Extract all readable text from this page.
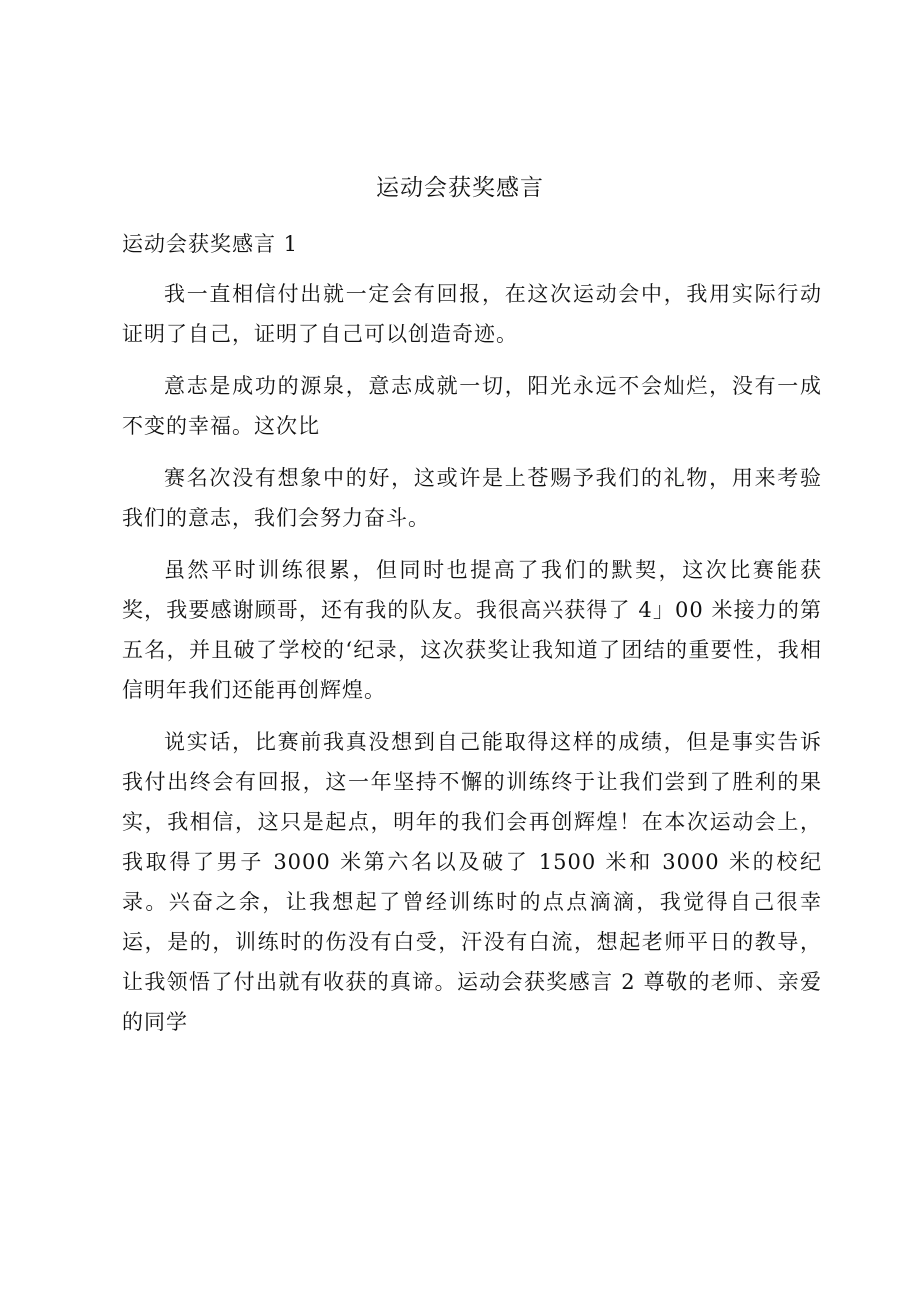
运动会获奖感言

运动会获奖感言 1

我一直相信付出就一定会有回报，在这次运动会中，我用实际行动证明了自己，证明了自己可以创造奇迹。

意志是成功的源泉，意志成就一切，阳光永远不会灿烂，没有一成不变的幸福。这次比

赛名次没有想象中的好，这或许是上苍赐予我们的礼物，用来考验我们的意志，我们会努力奋斗。

虽然平时训练很累，但同时也提高了我们的默契，这次比赛能获奖，我要感谢顾哥，还有我的队友。我很高兴获得了 4」00 米接力的第五名，并且破了学校的‘纪录，这次获奖让我知道了团结的重要性，我相信明年我们还能再创辉煌。

说实话，比赛前我真没想到自己能取得这样的成绩，但是事实告诉我付出终会有回报，这一年坚持不懈的训练终于让我们尝到了胜利的果实，我相信，这只是起点，明年的我们会再创辉煌！在本次运动会上，我取得了男子 3000 米第六名以及破了 1500 米和 3000 米的校纪录。兴奋之余，让我想起了曾经训练时的点点滴滴，我觉得自己很幸运，是的，训练时的伤没有白受，汗没有白流，想起老师平日的教导，让我领悟了付出就有收获的真谛。运动会获奖感言 2 尊敬的老师、亲爱的同学
